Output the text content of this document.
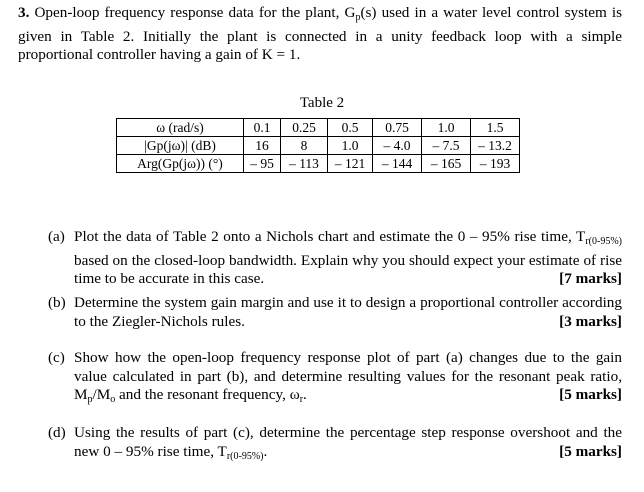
3. Open-loop frequency response data for the plant, $G_p(s)$ used in a water level control system is given in Table 2. Initially the plant is connected in a unity feedback loop with a simple proportional controller having a gain of K = 1.
Table 2
ω (rad/s)	0.1	0.25	0.5	0.75	1.0	1.5
|Gp(jω)| (dB)	16	8	1.0	– 4.0	– 7.5	– 13.2
Arg(Gp(jω)) (°)	– 95	– 113	– 121	– 144	– 165	– 193
(a) Plot the data of Table 2 onto a Nichols chart and estimate the 0 – 95% rise time, $T_{r(0-95\%)}$ based on the closed-loop bandwidth. Explain why you should expect your estimate of rise time to be accurate in this case.	[7 marks]
(b) Determine the system gain margin and use it to design a proportional controller according to the Ziegler-Nichols rules.	[3 marks]
(c) Show how the open-loop frequency response plot of part (a) changes due to the gain value calculated in part (b), and determine resulting values for the resonant peak ratio, $M_p/M_o$ and the resonant frequency, $\omega_r$.	[5 marks]
(d) Using the results of part (c), determine the percentage step response overshoot and the new 0 – 95% rise time, $T_{r(0-95\%)}$.	[5 marks]
